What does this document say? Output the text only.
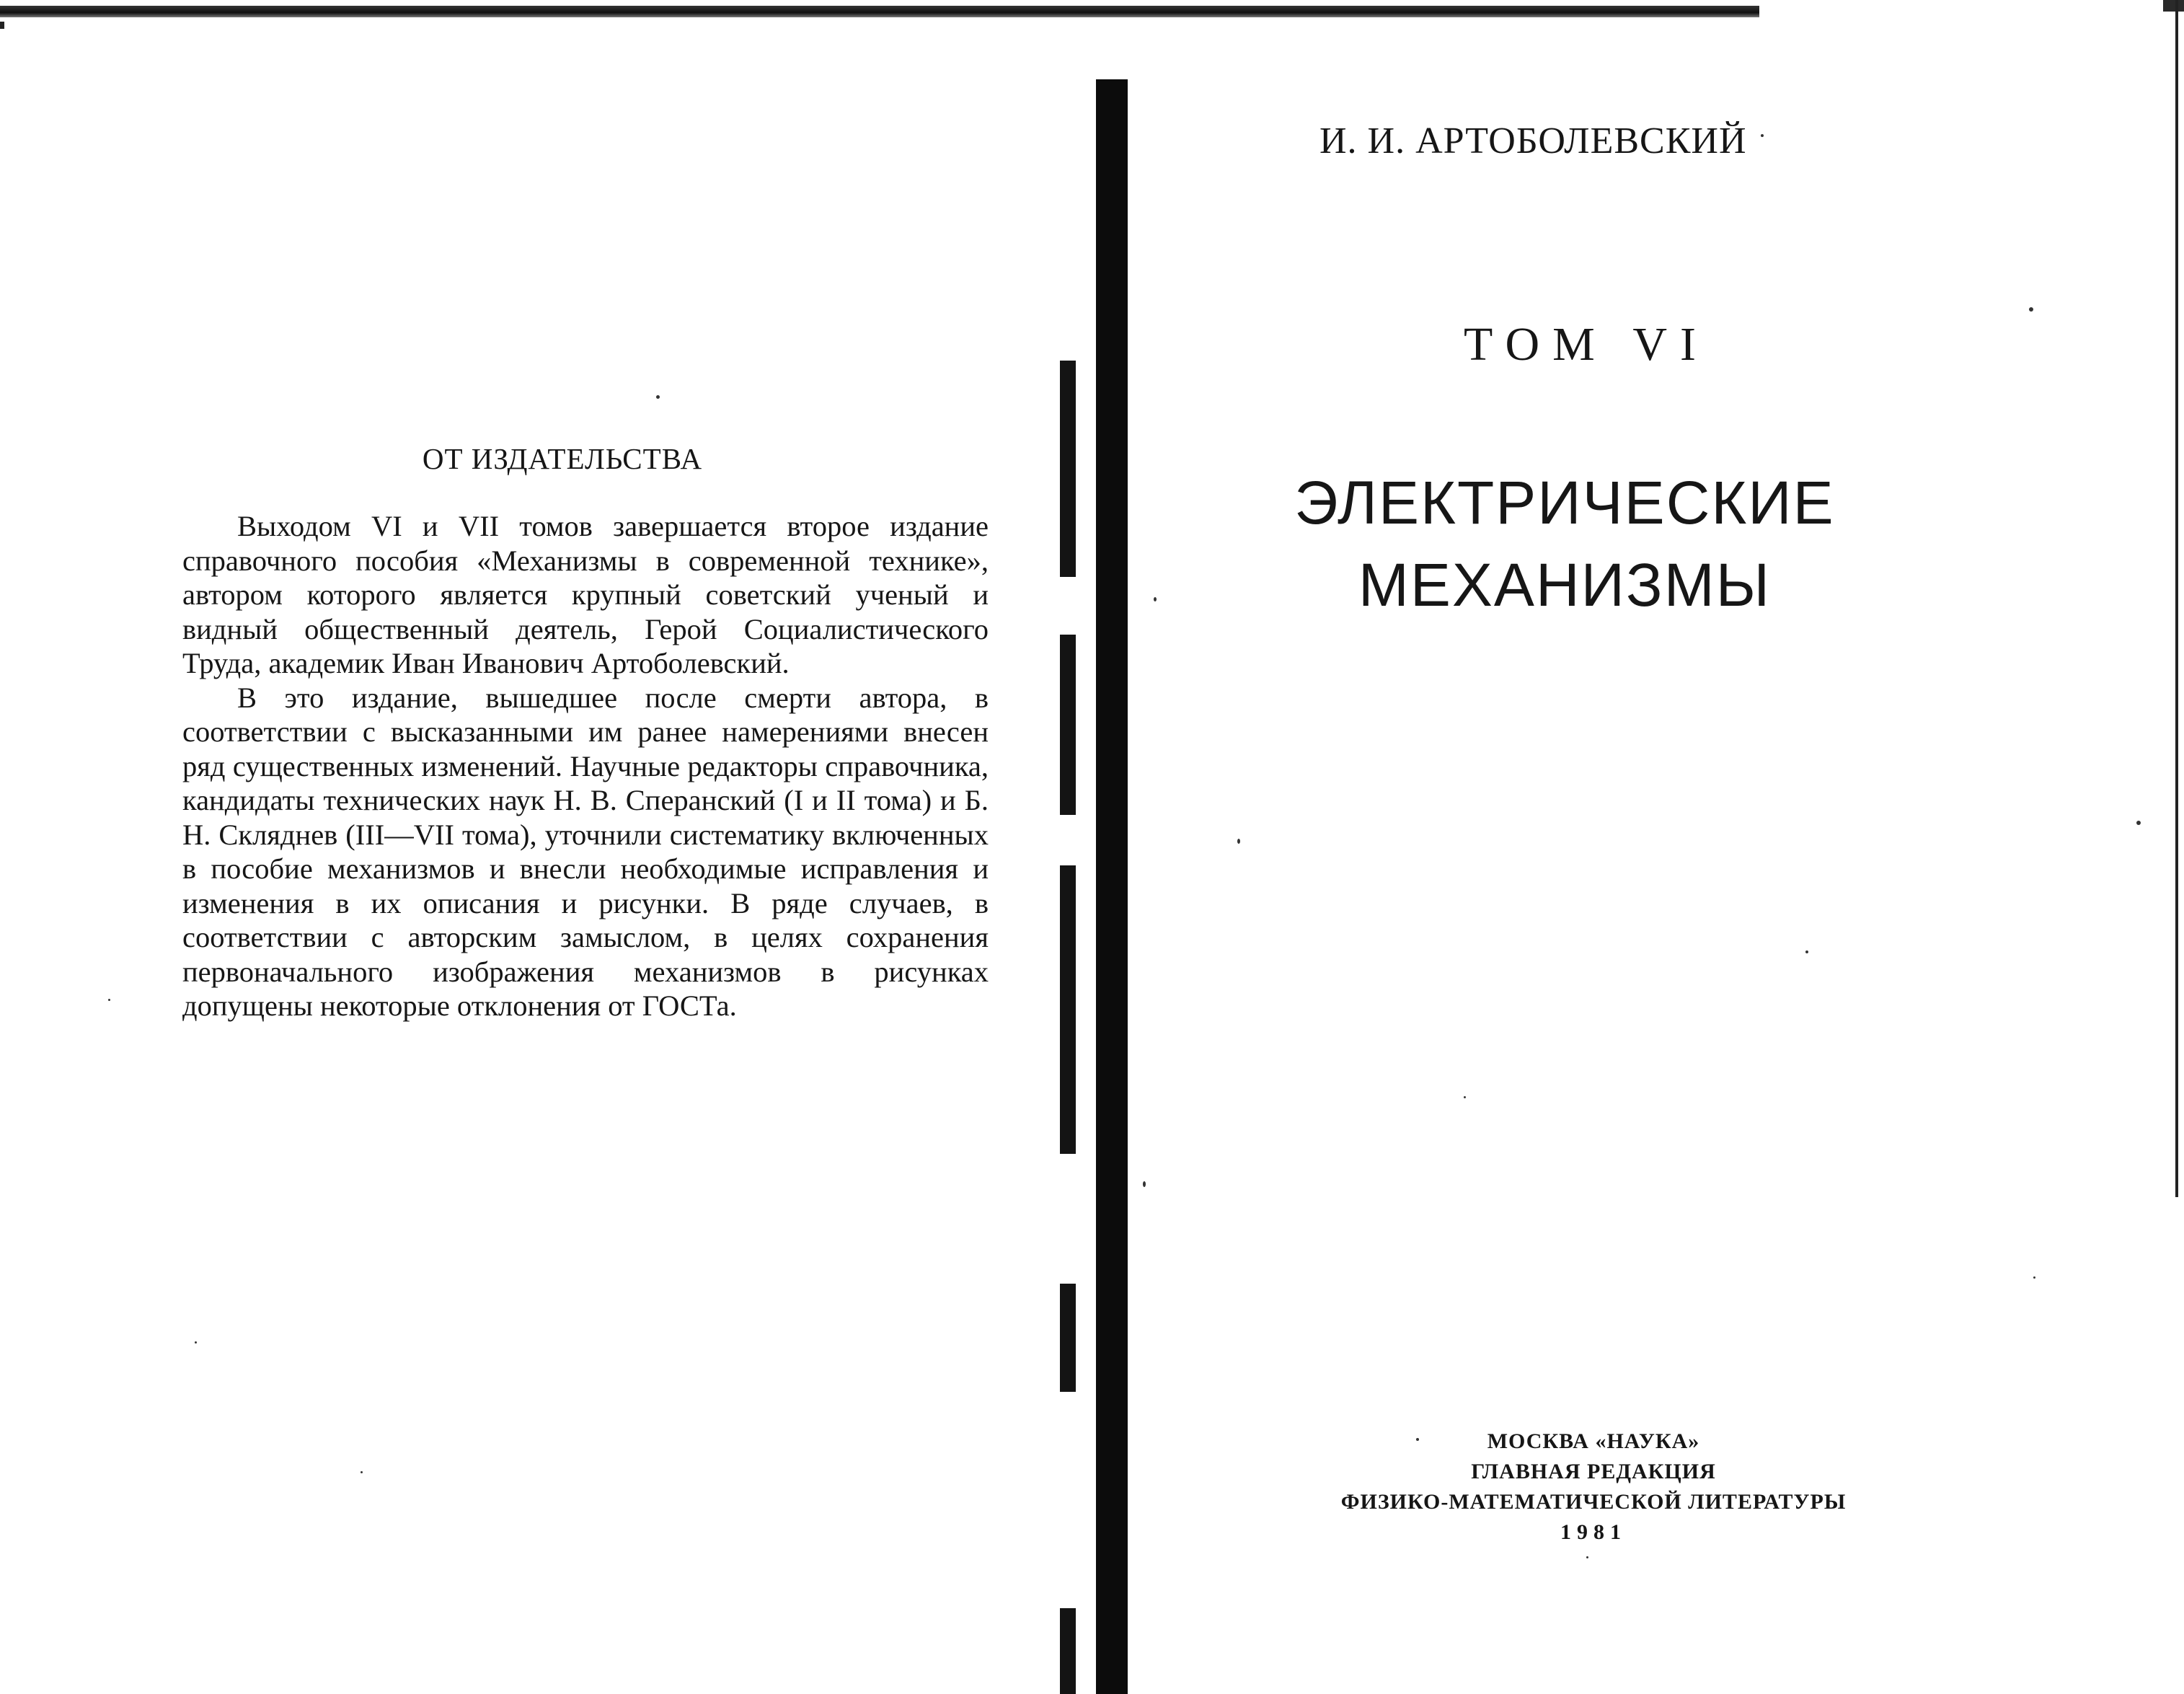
ОТ ИЗДАТЕЛЬСТВА

Выходом VI и VII томов завершается второе издание справочного пособия «Механизмы в современной технике», автором которого является крупный советский ученый и видный общественный деятель, Герой Социалистического Труда, академик Иван Иванович Артоболевский.

В это издание, вышедшее после смерти автора, в соответствии с высказанными им ранее намерениями внесен ряд существенных изменений. Научные редакторы справочника, кандидаты технических наук Н. В. Сперанский (I и II тома) и Б. Н. Скляднев (III—VII тома), уточнили систематику включенных в пособие механизмов и внесли необходимые исправления и изменения в их описания и рисунки. В ряде случаев, в соответствии с авторским замыслом, в целях сохранения первоначального изображения механизмов в рисунках допущены некоторые отклонения от ГОСТа.

И. И. АРТОБОЛЕВСКИЙ
ТОМ VI
ЭЛЕКТРИЧЕСКИЕ
МЕХАНИЗМЫ
МОСКВА «НАУКА»
ГЛАВНАЯ РЕДАКЦИЯ
ФИЗИКО-МАТЕМАТИЧЕСКОЙ ЛИТЕРАТУРЫ
1981
